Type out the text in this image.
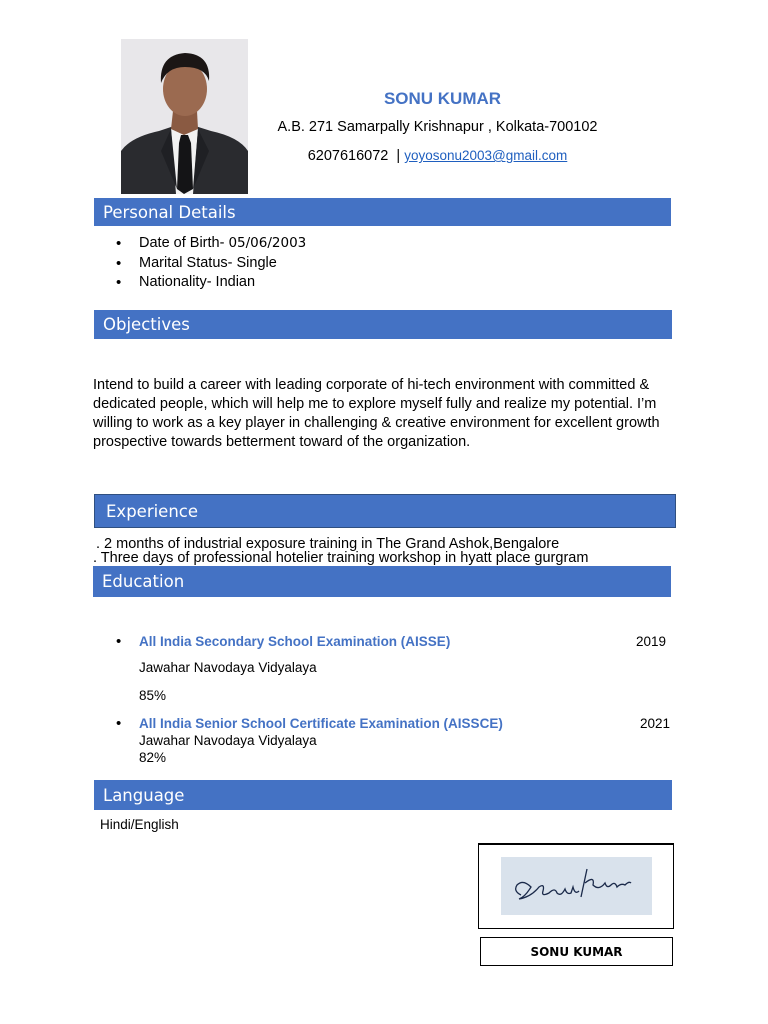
SONU KUMAR
A.B. 271 Samarpally Krishnapur , Kolkata-700102
6207616072 | yoyosonu2003@gmail.com
Personal Details
• Date of Birth- 05/06/2003
• Marital Status- Single
• Nationality- Indian
Objectives
Intend to build a career with leading corporate of hi-tech environment with committed & dedicated people, which will help me to explore myself fully and realize my potential. I’m willing to work as a key player in challenging & creative environment for excellent growth prospective towards betterment toward of the organization.
Experience
. 2 months of industrial exposure training in The Grand Ashok,Bengalore
. Three days of professional hotelier training workshop in hyatt place gurgram
Education
• All India Secondary School Examination (AISSE)	2019
Jawahar Navodaya Vidyalaya
85%
• All India Senior School Certificate Examination (AISSCE)	2021
Jawahar Navodaya Vidyalaya
82%
Language
Hindi/English
SONU KUMAR
